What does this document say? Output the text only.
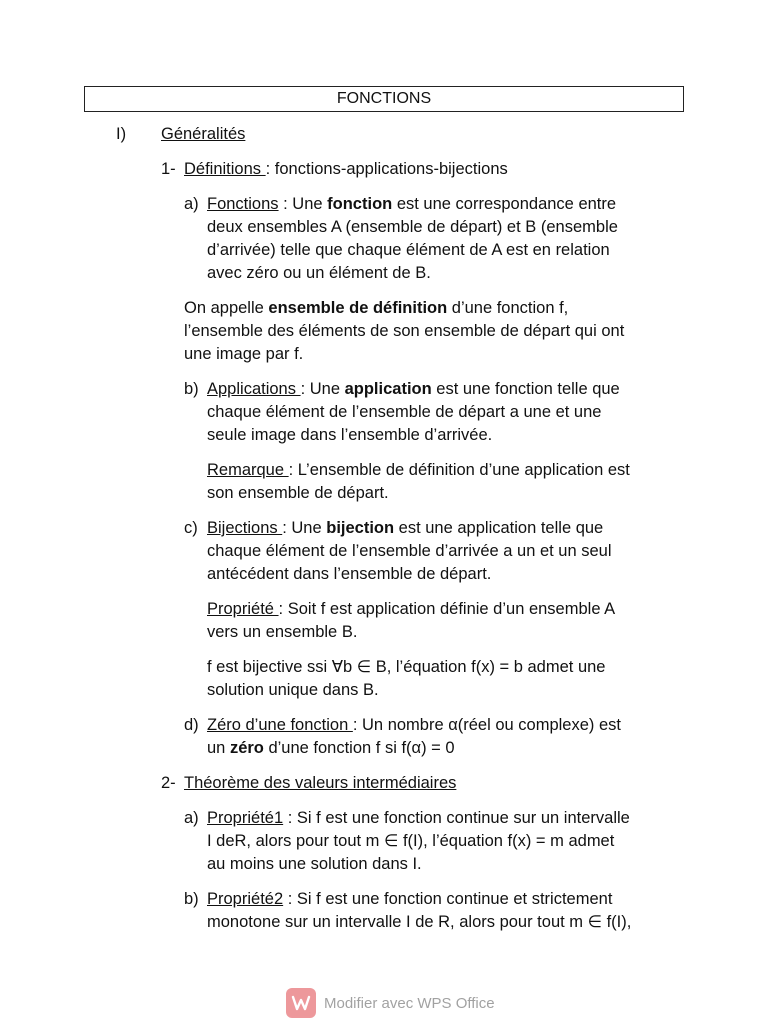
FONCTIONS
I) Généralités
1- Définitions : fonctions-applications-bijections
a) Fonctions : Une fonction est une correspondance entre
deux ensembles A (ensemble de départ) et B (ensemble
d’arrivée) telle que chaque élément de A est en relation
avec zéro ou un élément de B.
On appelle ensemble de définition d’une fonction f,
l’ensemble des éléments de son ensemble de départ qui ont
une image par f.
b) Applications : Une application est une fonction telle que
chaque élément de l’ensemble de départ a une et une
seule image dans l’ensemble d’arrivée.
Remarque : L’ensemble de définition d’une application est
son ensemble de départ.
c) Bijections : Une bijection est une application telle que
chaque élément de l’ensemble d’arrivée a un et un seul
antécédent dans l’ensemble de départ.
Propriété : Soit f est application définie d’un ensemble A
vers un ensemble B.
f est bijective ssi ∀b ∈ B, l’équation f(x) = b admet une
solution unique dans B.
d) Zéro d’une fonction : Un nombre α(réel ou complexe) est
un zéro d’une fonction f si f(α) = 0
2- Théorème des valeurs intermédiaires
a) Propriété1 : Si f est une fonction continue sur un intervalle
I deR, alors pour tout m ∈ f(I), l’équation f(x) = m admet
au moins une solution dans I.
b) Propriété2 : Si f est une fonction continue et strictement
monotone sur un intervalle I de R, alors pour tout m ∈ f(I),
Modifier avec WPS Office
